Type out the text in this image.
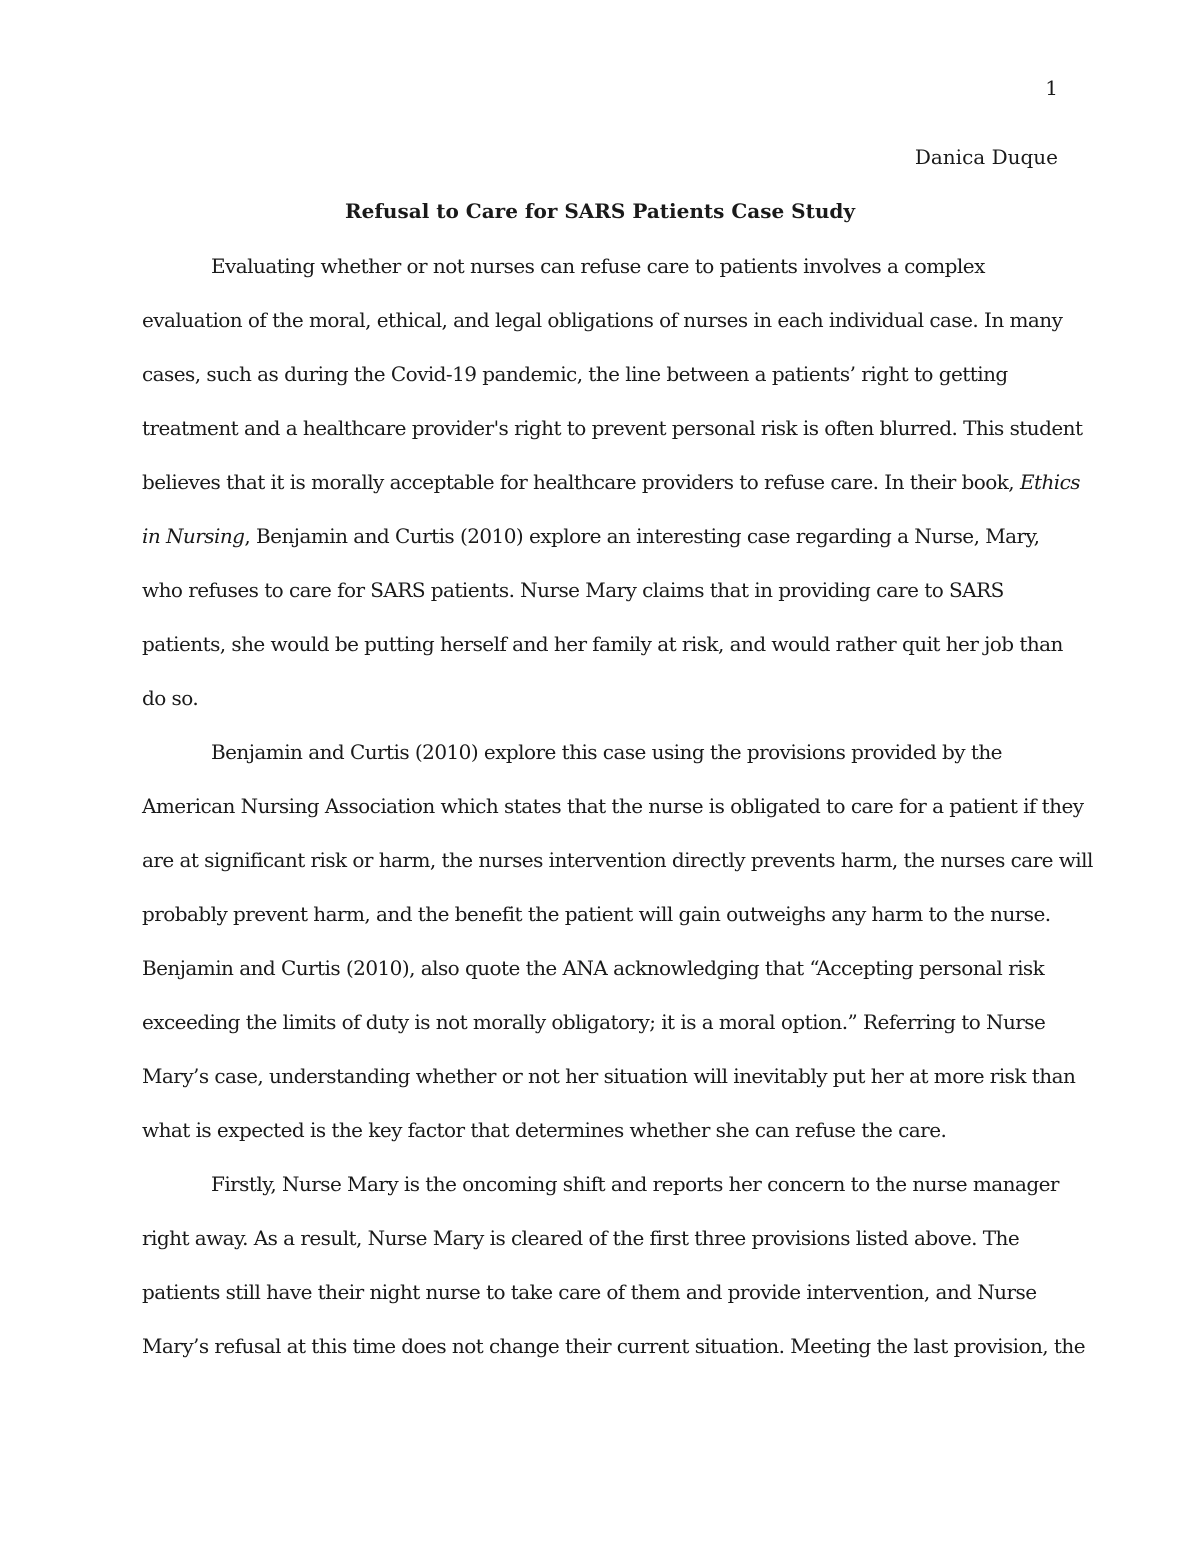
1
Danica Duque
Refusal to Care for SARS Patients Case Study
Evaluating whether or not nurses can refuse care to patients involves a complex
evaluation of the moral, ethical, and legal obligations of nurses in each individual case. In many
cases, such as during the Covid-19 pandemic, the line between a patients’ right to getting
treatment and a healthcare provider's right to prevent personal risk is often blurred. This student
believes that it is morally acceptable for healthcare providers to refuse care. In their book, Ethics
in Nursing, Benjamin and Curtis (2010) explore an interesting case regarding a Nurse, Mary,
who refuses to care for SARS patients. Nurse Mary claims that in providing care to SARS
patients, she would be putting herself and her family at risk, and would rather quit her job than
do so.
Benjamin and Curtis (2010) explore this case using the provisions provided by the
American Nursing Association which states that the nurse is obligated to care for a patient if they
are at significant risk or harm, the nurses intervention directly prevents harm, the nurses care will
probably prevent harm, and the benefit the patient will gain outweighs any harm to the nurse.
Benjamin and Curtis (2010), also quote the ANA acknowledging that “Accepting personal risk
exceeding the limits of duty is not morally obligatory; it is a moral option.” Referring to Nurse
Mary’s case, understanding whether or not her situation will inevitably put her at more risk than
what is expected is the key factor that determines whether she can refuse the care.
Firstly, Nurse Mary is the oncoming shift and reports her concern to the nurse manager
right away. As a result, Nurse Mary is cleared of the first three provisions listed above. The
patients still have their night nurse to take care of them and provide intervention, and Nurse
Mary’s refusal at this time does not change their current situation. Meeting the last provision, the
